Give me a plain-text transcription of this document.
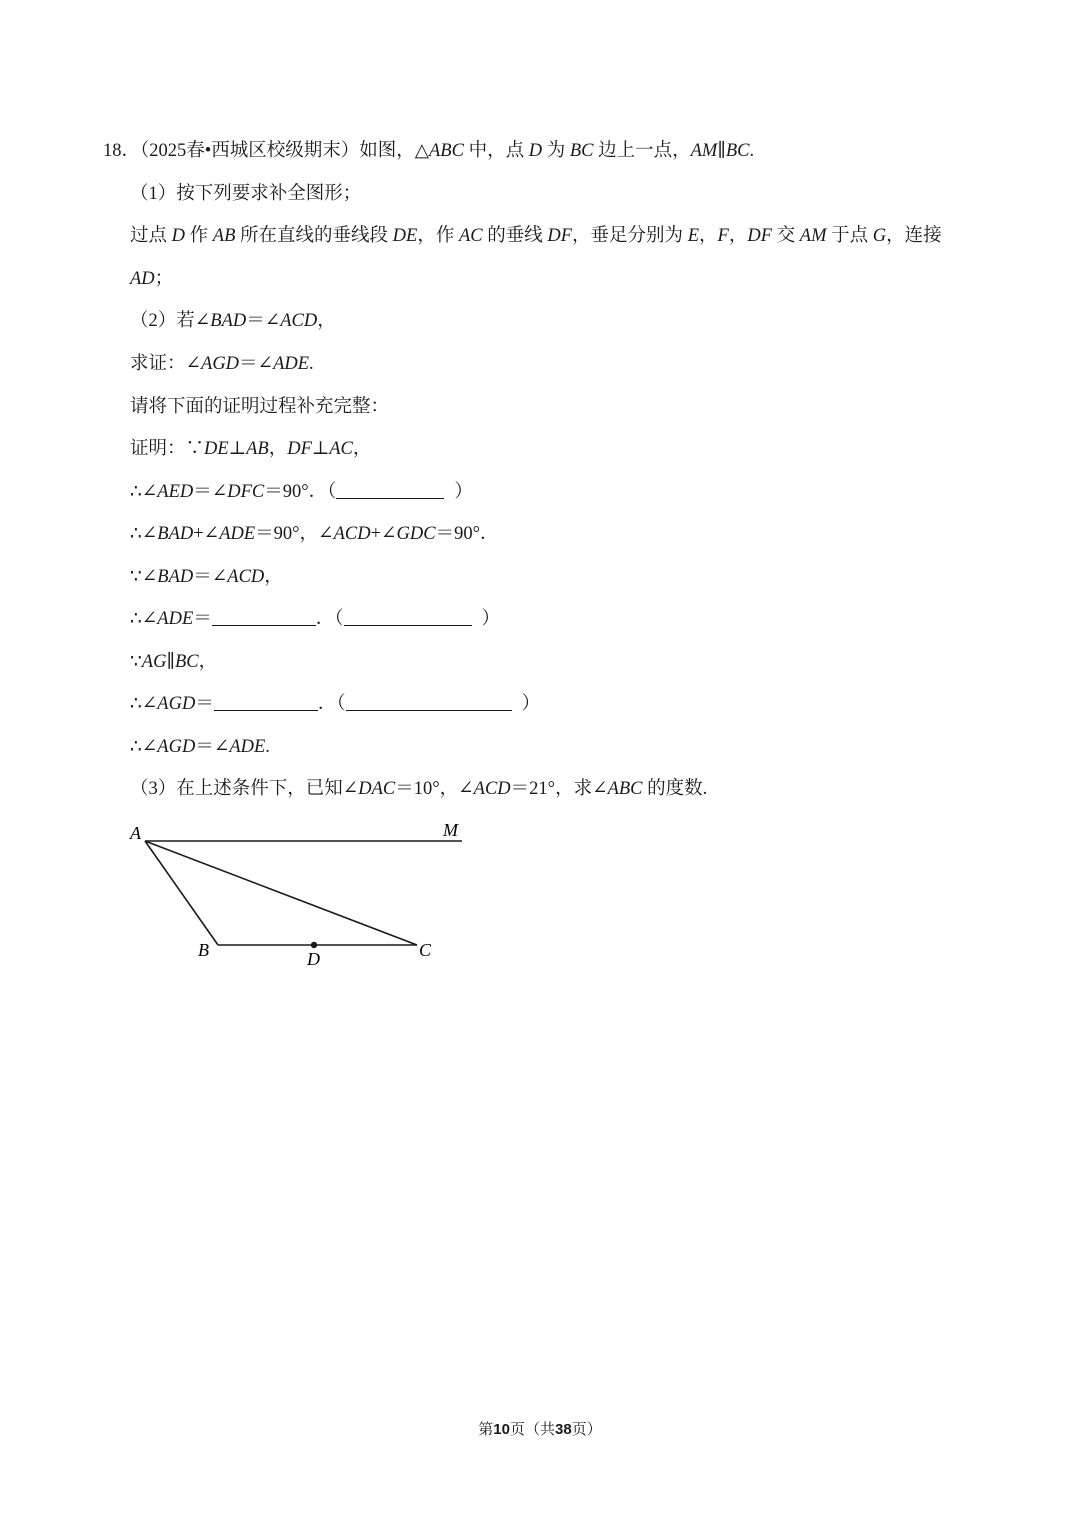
18．（2025春•西城区校级期末）如图，△ABC 中，点 D 为 BC 边上一点，AM∥BC.
（1）按下列要求补全图形；
过点 D 作 AB 所在直线的垂线段 DE，作 AC 的垂线 DF，垂足分别为 E，F，DF 交 AM 于点 G，连接
AD；
（2）若∠BAD＝∠ACD，
求证：∠AGD＝∠ADE.
请将下面的证明过程补充完整：
证明：∵DE⊥AB，DF⊥AC，
∴∠AED＝∠DFC＝90°．（	）
∴∠BAD+∠ADE＝90°，∠ACD+∠GDC＝90°．
∵∠BAD＝∠ACD，
∴∠ADE＝	．（	）
∵AG∥BC，
∴∠AGD＝	．（	）
∴∠AGD＝∠ADE.
（3）在上述条件下，已知∠DAC＝10°，∠ACD＝21°，求∠ABC 的度数.
A	M
B	C
D
第10页（共38页）
